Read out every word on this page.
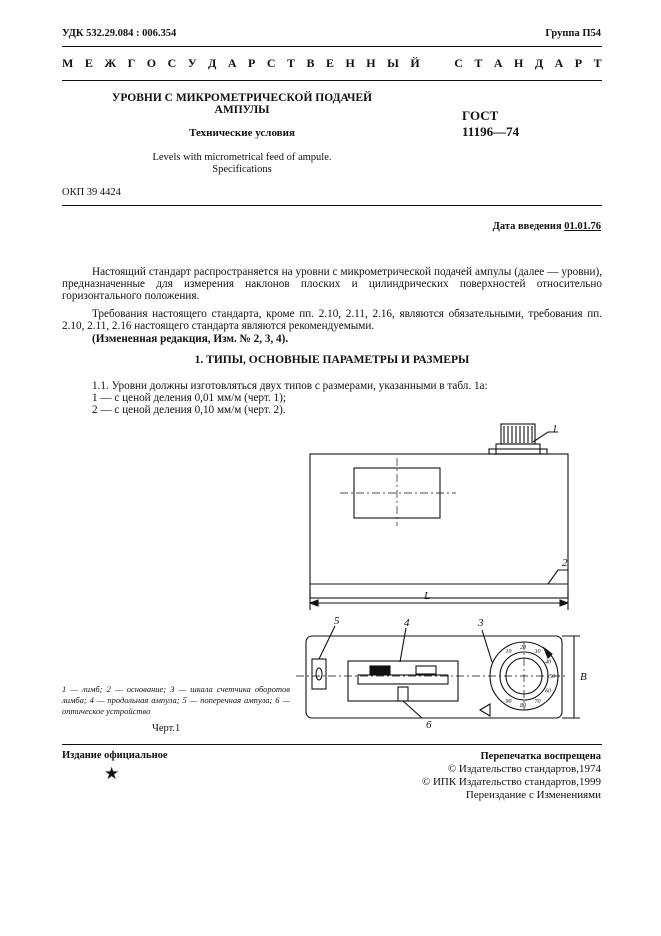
УДК 532.29.084 : 006.354	Группа П54
М Е Ж Г О С У Д А Р С Т В Е Н Н Ы Й	С Т А Н Д А Р Т
УРОВНИ С МИКРОМЕТРИЧЕСКОЙ ПОДАЧЕЙ
АМПУЛЫ
Технические условия
Levels with micrometrical feed of ampule.
Specifications
ГОСТ
11196—74
ОКП 39 4424
Дата введения 01.01.76
Настоящий стандарт распространяется на уровни с микрометрической подачей ампулы (далее — уровни), предназначенные для измерения наклонов плоских и цилиндрических поверхностей относительно горизонтального положения.
Требования настоящего стандарта, кроме пп. 2.10, 2.11, 2.16, являются обязательными, требования пп. 2.10, 2.11, 2.16 настоящего стандарта являются рекомендуемыми.
(Измененная редакция, Изм. № 2, 3, 4).
1. ТИПЫ, ОСНОВНЫЕ ПАРАМЕТРЫ И РАЗМЕРЫ
1.1. Уровни должны изготовляться двух типов с размерами, указанными в табл. 1а:
1 — с ценой деления 0,01 мм/м (черт. 1);
2 — с ценой деления 0,10 мм/м (черт. 2).
1
2
3
4
5
6
L
B
10
20
30
40
50
60
70
80
90
1 — лимб; 2 — основание; 3 — шкала счетчика оборотов лимба; 4 — продольная ампула; 5 — поперечная ампула; 6 — оптическое устройство
Черт.1
Издание официальное
★
Перепечатка воспрещена
© Издательство стандартов,1974
© ИПК Издательство стандартов,1999
Переиздание с Изменениями
